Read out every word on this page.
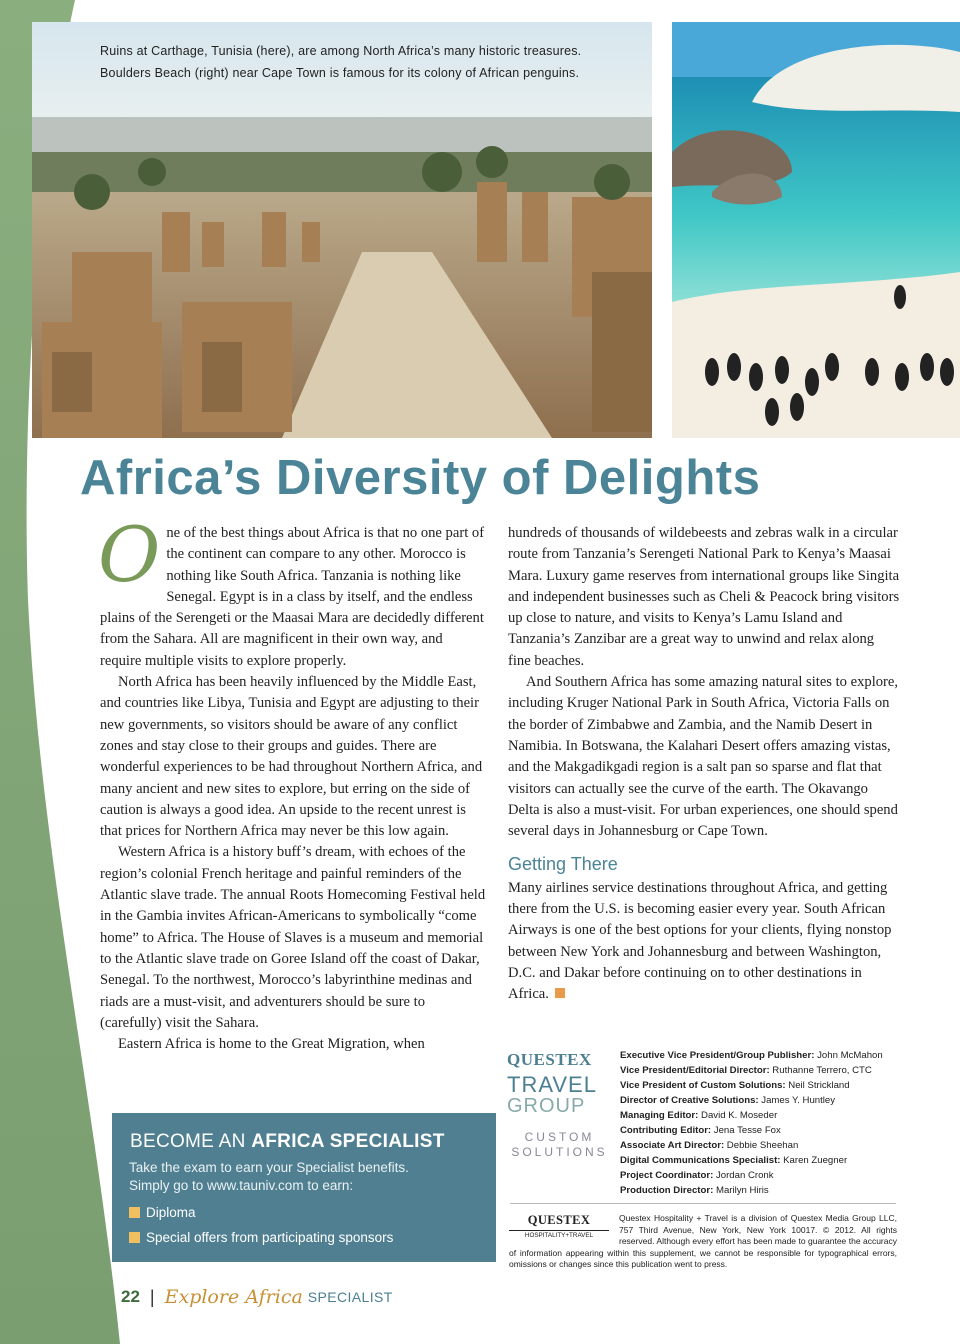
Ruins at Carthage, Tunisia (here), are among North Africa’s many historic treasures.
Boulders Beach (right) near Cape Town is famous for its colony of African penguins.
Africa’s Diversity of Delights

One of the best things about Africa is that no one part of the continent can compare to any other. Morocco is nothing like South Africa. Tanzania is nothing like Senegal. Egypt is in a class by itself, and the endless plains of the Serengeti or the Maasai Mara are decidedly different from the Sahara. All are magnificent in their own way, and require multiple visits to explore properly.

North Africa has been heavily influenced by the Middle East, and countries like Libya, Tunisia and Egypt are adjusting to their new governments, so visitors should be aware of any conflict zones and stay close to their groups and guides. There are wonderful experiences to be had throughout Northern Africa, and many ancient and new sites to explore, but erring on the side of caution is always a good idea. An upside to the recent unrest is that prices for Northern Africa may never be this low again.

Western Africa is a history buff’s dream, with echoes of the region’s colonial French heritage and painful reminders of the Atlantic slave trade. The annual Roots Homecoming Festival held in the Gambia invites African-Americans to symbolically “come home” to Africa. The House of Slaves is a museum and memorial to the Atlantic slave trade on Goree Island off the coast of Dakar, Senegal. To the northwest, Morocco’s labyrinthine medinas and riads are a must-visit, and adventurers should be sure to (carefully) visit the Sahara.

Eastern Africa is home to the Great Migration, when

hundreds of thousands of wildebeests and zebras walk in a circular route from Tanzania’s Serengeti National Park to Kenya’s Maasai Mara. Luxury game reserves from international groups like Singita and independent businesses such as Cheli & Peacock bring visitors up close to nature, and visits to Kenya’s Lamu Island and Tanzania’s Zanzibar are a great way to unwind and relax along fine beaches.

And Southern Africa has some amazing natural sites to explore, including Kruger National Park in South Africa, Victoria Falls on the border of Zimbabwe and Zambia, and the Namib Desert in Namibia. In Botswana, the Kalahari Desert offers amazing vistas, and the Makgadikgadi region is a salt pan so sparse and flat that visitors can actually see the curve of the earth. The Okavango Delta is also a must-visit. For urban experiences, one should spend several days in Johannesburg or Cape Town.

Getting There

Many airlines service destinations throughout Africa, and getting there from the U.S. is becoming easier every year. South African Airways is one of the best options for your clients, flying nonstop between New York and Johannesburg and between Washington, D.C. and Dakar before continuing on to other destinations in Africa.

BECOME AN AFRICA SPECIALIST
Take the exam to earn your Specialist benefits.
Simply go to www.tauniv.com to earn:
Diploma
Special offers from participating sponsors
QUESTEX
TRAVEL
GROUP
CUSTOM
SOLUTIONS
Executive Vice President/Group Publisher: John McMahon
Vice President/Editorial Director: Ruthanne Terrero, CTC
Vice President of Custom Solutions: Neil Strickland
Director of Creative Solutions: James Y. Huntley
Managing Editor: David K. Moseder
Contributing Editor: Jena Tesse Fox
Associate Art Director: Debbie Sheehan
Digital Communications Specialist: Karen Zuegner
Project Coordinator: Jordan Cronk
Production Director: Marilyn Hiris
Questex Hospitality + Travel is a division of Questex Media Group LLC, 757 Third Avenue, New York, New York 10017. © 2012. All rights reserved. Although every effort has been made to guarantee the accuracy of information appearing within this supplement, we cannot be responsible for typographical errors, omissions or changes since this publication went to press.
QUESTEX
HOSPITALITY+TRAVEL
22 | Explore Africa SPECIALIST
